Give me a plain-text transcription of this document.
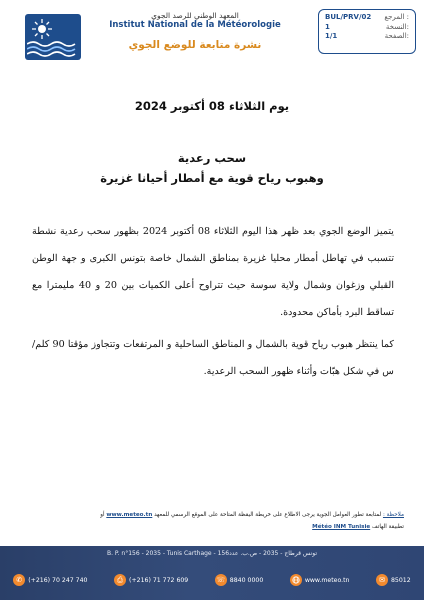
المعهد الوطني للرصد الجوي
Institut National de la Météorologie
نشرة متابعة للوضع الجوي
BUL/PRV/02 المرجع :
1	النسخة:
1/1	الصفحة:
يوم الثلاثاء 08 أكتوبر 2024
سحب رعدية
وهبوب رياح قوية مع أمطار أحيانا غزيرة

يتميز الوضع الجوي بعد ظهر هذا اليوم الثلاثاء 08 أكتوبر 2024 بظهور سحب رعدية نشطة تتسبب في تهاطل أمطار محليا غزيرة بمناطق الشمال خاصة بتونس الكبرى و جهة الوطن القبلي وزغوان وشمال ولاية سوسة حيث تتراوح أعلى الكميات بين 20 و 40 مليمترا مع تساقط البرد بأماكن محدودة.

كما ينتظر هبوب رياح قوية بالشمال و المناطق الساحلية و المرتفعات وتتجاوز مؤقتا 90 كلم/س في شكل هبّات وأثناء ظهور السحب الرعدية.

ملاحظة : لمتابعة تطور العوامل الجوية يرجى الاطلاع على خريطة اليقظة المتاحة على الموقع الرسمي للمعهد www.meteo.tn أو
تطبيقة الهاتف Météo INM Tunisie
B. P. n°156 - 2035 - Tunis Carthage - تونس قرطاج - 2035 - ص.ب. عدد156
✆ (+216) 70 247 740	⎙	(+216) 71 772 609	☏ 8840 0000	www.meteo.tn	✉ 85012
